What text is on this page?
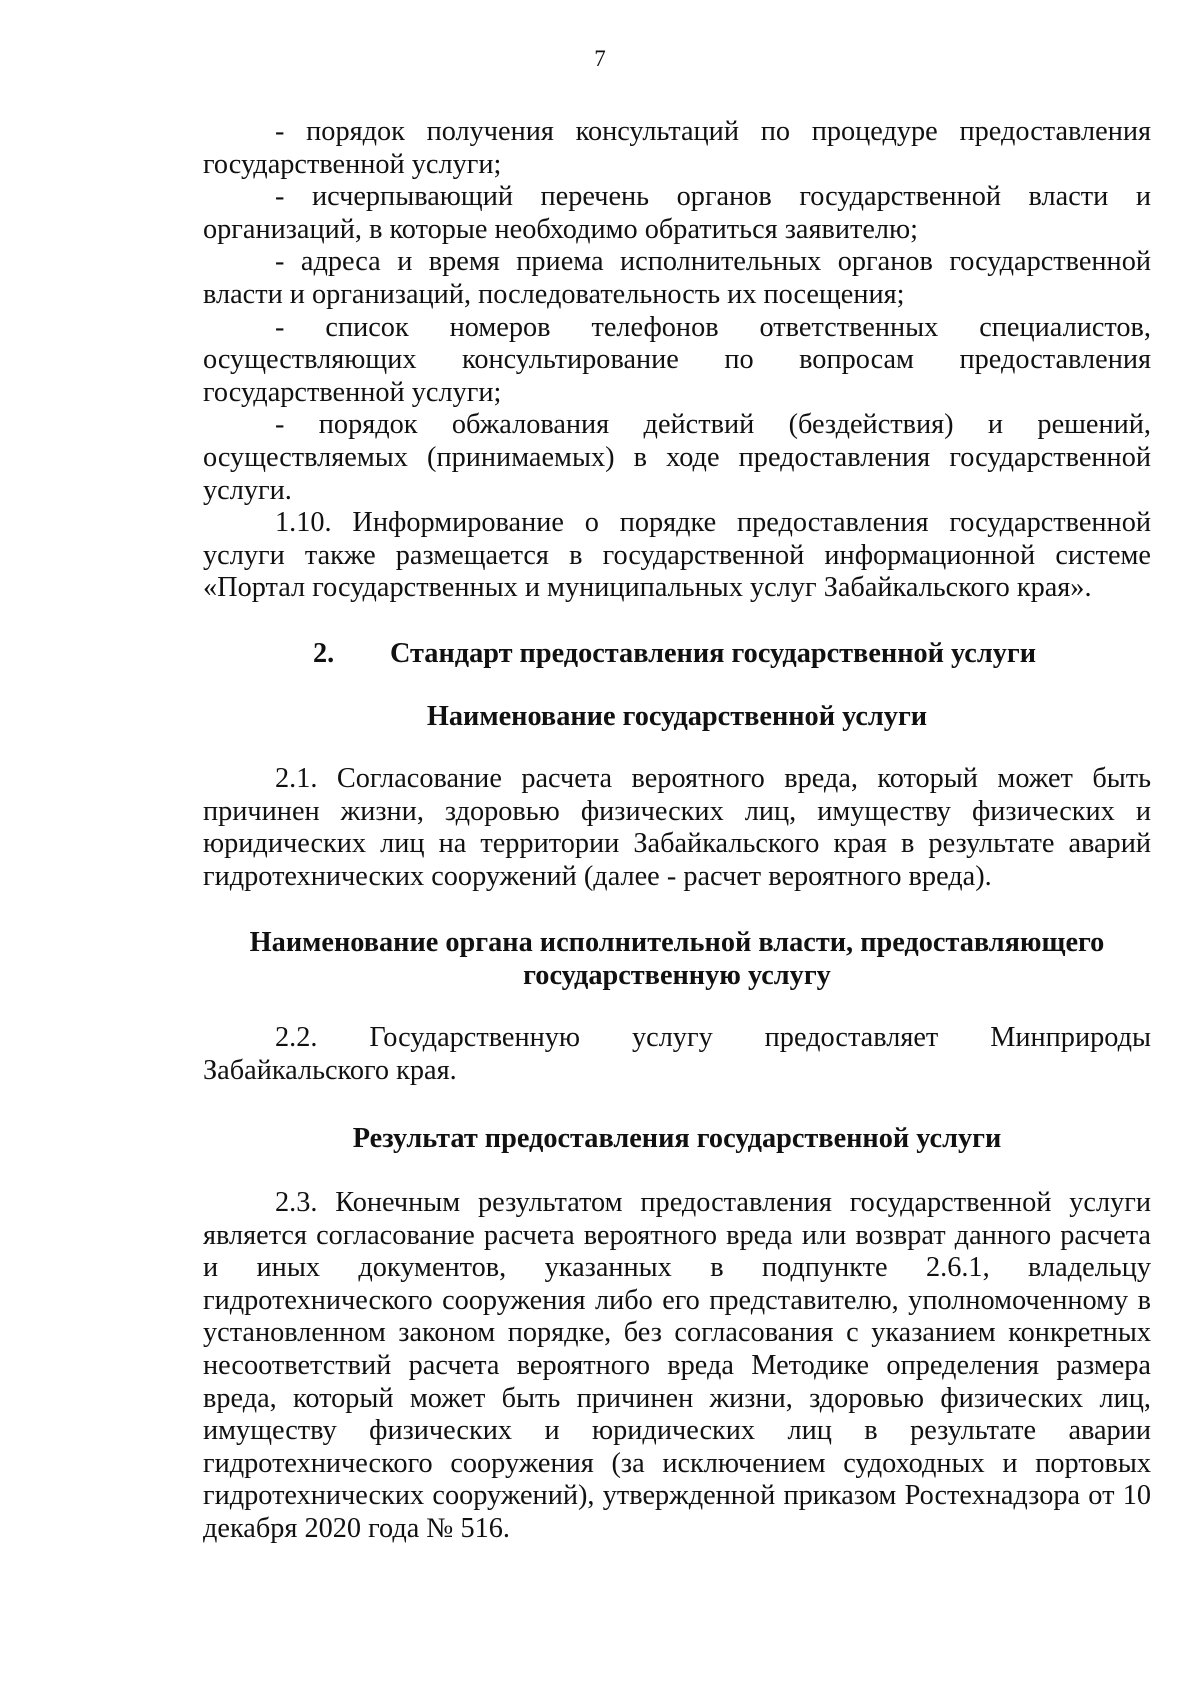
7

- порядок получения консультаций по процедуре предоставления государственной услуги;

- исчерпывающий перечень органов государственной власти и организаций, в которые необходимо обратиться заявителю;

- адреса и время приема исполнительных органов государственной власти и организаций, последовательность их посещения;

- список номеров телефонов ответственных специалистов, осуществляющих консультирование по вопросам предоставления государственной услуги;

- порядок обжалования действий (бездействия) и решений, осуществляемых (принимаемых) в ходе предоставления государственной услуги.

1.10. Информирование о порядке предоставления государственной услуги также размещается в государственной информационной системе «Портал государственных и муниципальных услуг Забайкальского края».

2. Стандарт предоставления государственной услуги
Наименование государственной услуги

2.1. Согласование расчета вероятного вреда, который может быть причинен жизни, здоровью физических лиц, имуществу физических и юридических лиц на территории Забайкальского края в результате аварий гидротехнических сооружений (далее - расчет вероятного вреда).

Наименование органа исполнительной власти, предоставляющего государственную услугу

2.2. Государственную услугу предоставляет Минприроды Забайкальского края.

Результат предоставления государственной услуги

2.3. Конечным результатом предоставления государственной услуги является согласование расчета вероятного вреда или возврат данного расчета и иных документов, указанных в подпункте 2.6.1, владельцу гидротехнического сооружения либо его представителю, уполномоченному в установленном законом порядке, без согласования с указанием конкретных несоответствий расчета вероятного вреда Методике определения размера вреда, который может быть причинен жизни, здоровью физических лиц, имуществу физических и юридических лиц в результате аварии гидротехнического сооружения (за исключением судоходных и портовых гидротехнических сооружений), утвержденной приказом Ростехнадзора от 10 декабря 2020 года № 516.
